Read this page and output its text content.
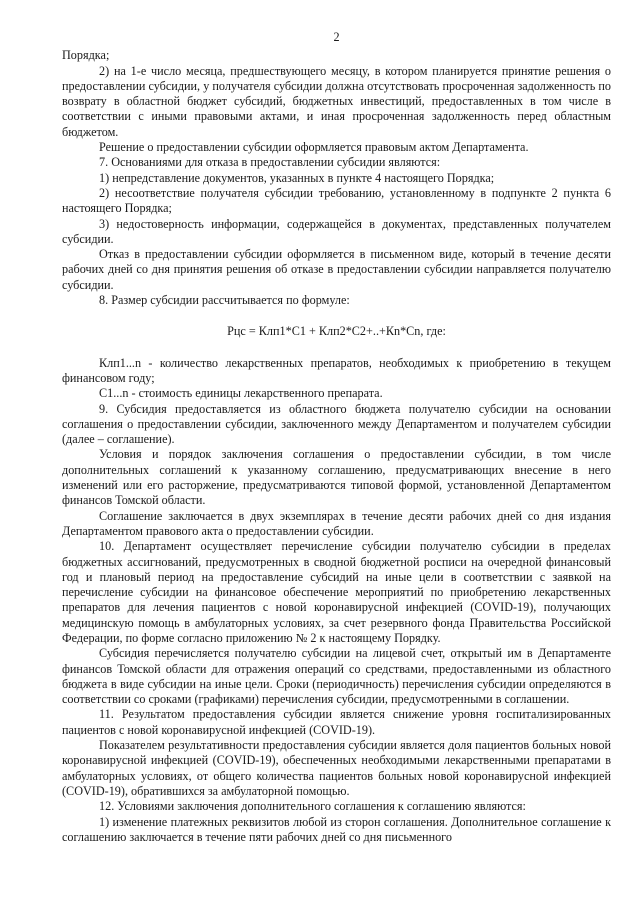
2

Порядка;

2) на 1-е число месяца, предшествующего месяцу, в котором планируется принятие решения о предоставлении субсидии, у получателя субсидии должна отсутствовать просроченная задолженность по возврату в областной бюджет субсидий, бюджетных инвестиций, предоставленных в том числе в соответствии с иными правовыми актами, и иная просроченная задолженность перед областным бюджетом.

Решение о предоставлении субсидии оформляется правовым актом Департамента.

7. Основаниями для отказа в предоставлении субсидии являются:

1) непредставление документов, указанных в пункте 4 настоящего Порядка;

2) несоответствие получателя субсидии требованию, установленному в подпункте 2 пункта 6 настоящего Порядка;

3) недостоверность информации, содержащейся в документах, представленных получателем субсидии.

Отказ в предоставлении субсидии оформляется в письменном виде, который в течение десяти рабочих дней со дня принятия решения об отказе в предоставлении субсидии направляется получателю субсидии.

8. Размер субсидии рассчитывается по формуле:

Рцс = Клп1*С1 + Клп2*С2+..+Кn*Сn, где:

Клп1...n - количество лекарственных препаратов, необходимых к приобретению в текущем финансовом году;

С1...n - стоимость единицы лекарственного препарата.

9. Субсидия предоставляется из областного бюджета получателю субсидии на основании соглашения о предоставлении субсидии, заключенного между Департаментом и получателем субсидии (далее – соглашение).

Условия и порядок заключения соглашения о предоставлении субсидии, в том числе дополнительных соглашений к указанному соглашению, предусматривающих внесение в него изменений или его расторжение, предусматриваются типовой формой, установленной Департаментом финансов Томской области.

Соглашение заключается в двух экземплярах в течение десяти рабочих дней со дня издания Департаментом правового акта о предоставлении субсидии.

10. Департамент осуществляет перечисление субсидии получателю субсидии в пределах бюджетных ассигнований, предусмотренных в сводной бюджетной росписи на очередной финансовый год и плановый период на предоставление субсидий на иные цели в соответствии с заявкой на перечисление субсидии на финансовое обеспечение мероприятий по приобретению лекарственных препаратов для лечения пациентов с новой коронавирусной инфекцией (COVID-19), получающих медицинскую помощь в амбулаторных условиях, за счет резервного фонда Правительства Российской Федерации, по форме согласно приложению № 2 к настоящему Порядку.

Субсидия перечисляется получателю субсидии на лицевой счет, открытый им в Департаменте финансов Томской области для отражения операций со средствами, предоставленными из областного бюджета в виде субсидии на иные цели. Сроки (периодичность) перечисления субсидии определяются в соответствии со сроками (графиками) перечисления субсидии, предусмотренными в соглашении.

11. Результатом предоставления субсидии является снижение уровня госпитализированных пациентов с новой коронавирусной инфекцией (COVID-19).

Показателем результативности предоставления субсидии является доля пациентов больных новой коронавирусной инфекцией (COVID-19), обеспеченных необходимыми лекарственными препаратами в амбулаторных условиях, от общего количества пациентов больных новой коронавирусной инфекцией (COVID-19), обратившихся за амбулаторной помощью.

12. Условиями заключения дополнительного соглашения к соглашению являются:

1) изменение платежных реквизитов любой из сторон соглашения. Дополнительное соглашение к соглашению заключается в течение пяти рабочих дней со дня письменного
